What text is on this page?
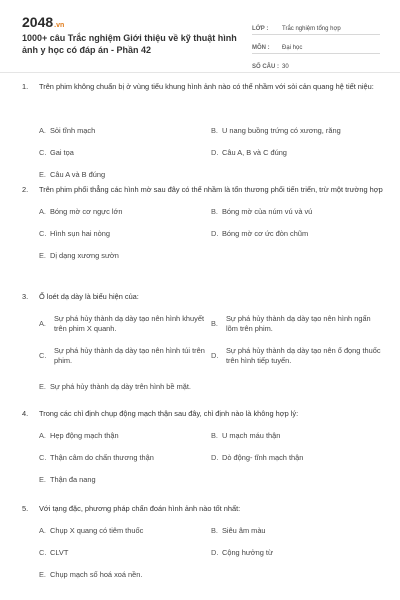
2048.vn
1000+ câu Trắc nghiệm Giới thiệu về kỹ thuật hình ảnh y học có đáp án - Phần 42
LỚP :	Trắc nghiệm tổng hợp
MÔN :	Đại học
SỐ CÂU : 30
1.	Trên phim không chuẩn bị ở vùng tiểu khung hình ảnh nào có thể nhầm với sỏi cản quang hệ tiết niệu:
A. Sỏi tĩnh mạch	B. U nang buồng trứng có xương, răng
C. Gai tọa	D. Câu A, B và C đúng
E. Câu A và B đúng
2.	Trên phim phổi thẳng các hình mờ sau đây có thể nhầm là tổn thương phổi tiến triển, trừ một trường hợp
A. Bóng mờ cơ ngực lớn	B. Bóng mờ của núm vú và vú
C. Hình sụn hai nòng	D. Bóng mờ cơ ức đòn chũm
E. Dị dạng xương sườn
3.	Ổ loét dạ dày là biểu hiện của:
A.
Sự phá hủy thành dạ dày tạo nên hình khuyết trên phim X quanh.
B.
Sự phá hủy thành dạ dày tạo nên hình ngấn lõm trên phim.
C.
Sự phá hủy thành dạ dày tạo nên hình túi trên phim.
D.
Sự phá hủy thành dạ dày tạo nên ổ đọng thuốc trên hình tiếp tuyến.
E. Sự phá hủy thành dạ dày trên hình bề mặt.
4.	Trong các chỉ định chụp động mạch thận sau đây, chỉ định nào là không hợp lý:
A. Hẹp động mạch thận	B. U mạch máu thận
C. Thận câm do chấn thương thận	D. Dò động- tĩnh mạch thận
E. Thận đa nang
5.	Với tạng đặc, phương pháp chẩn đoán hình ảnh nào tốt nhất:
A. Chụp X quang có tiêm thuốc	B. Siêu âm màu
C. CLVT	D. Cộng hưởng từ
E. Chụp mạch số hoá xoá nền.
